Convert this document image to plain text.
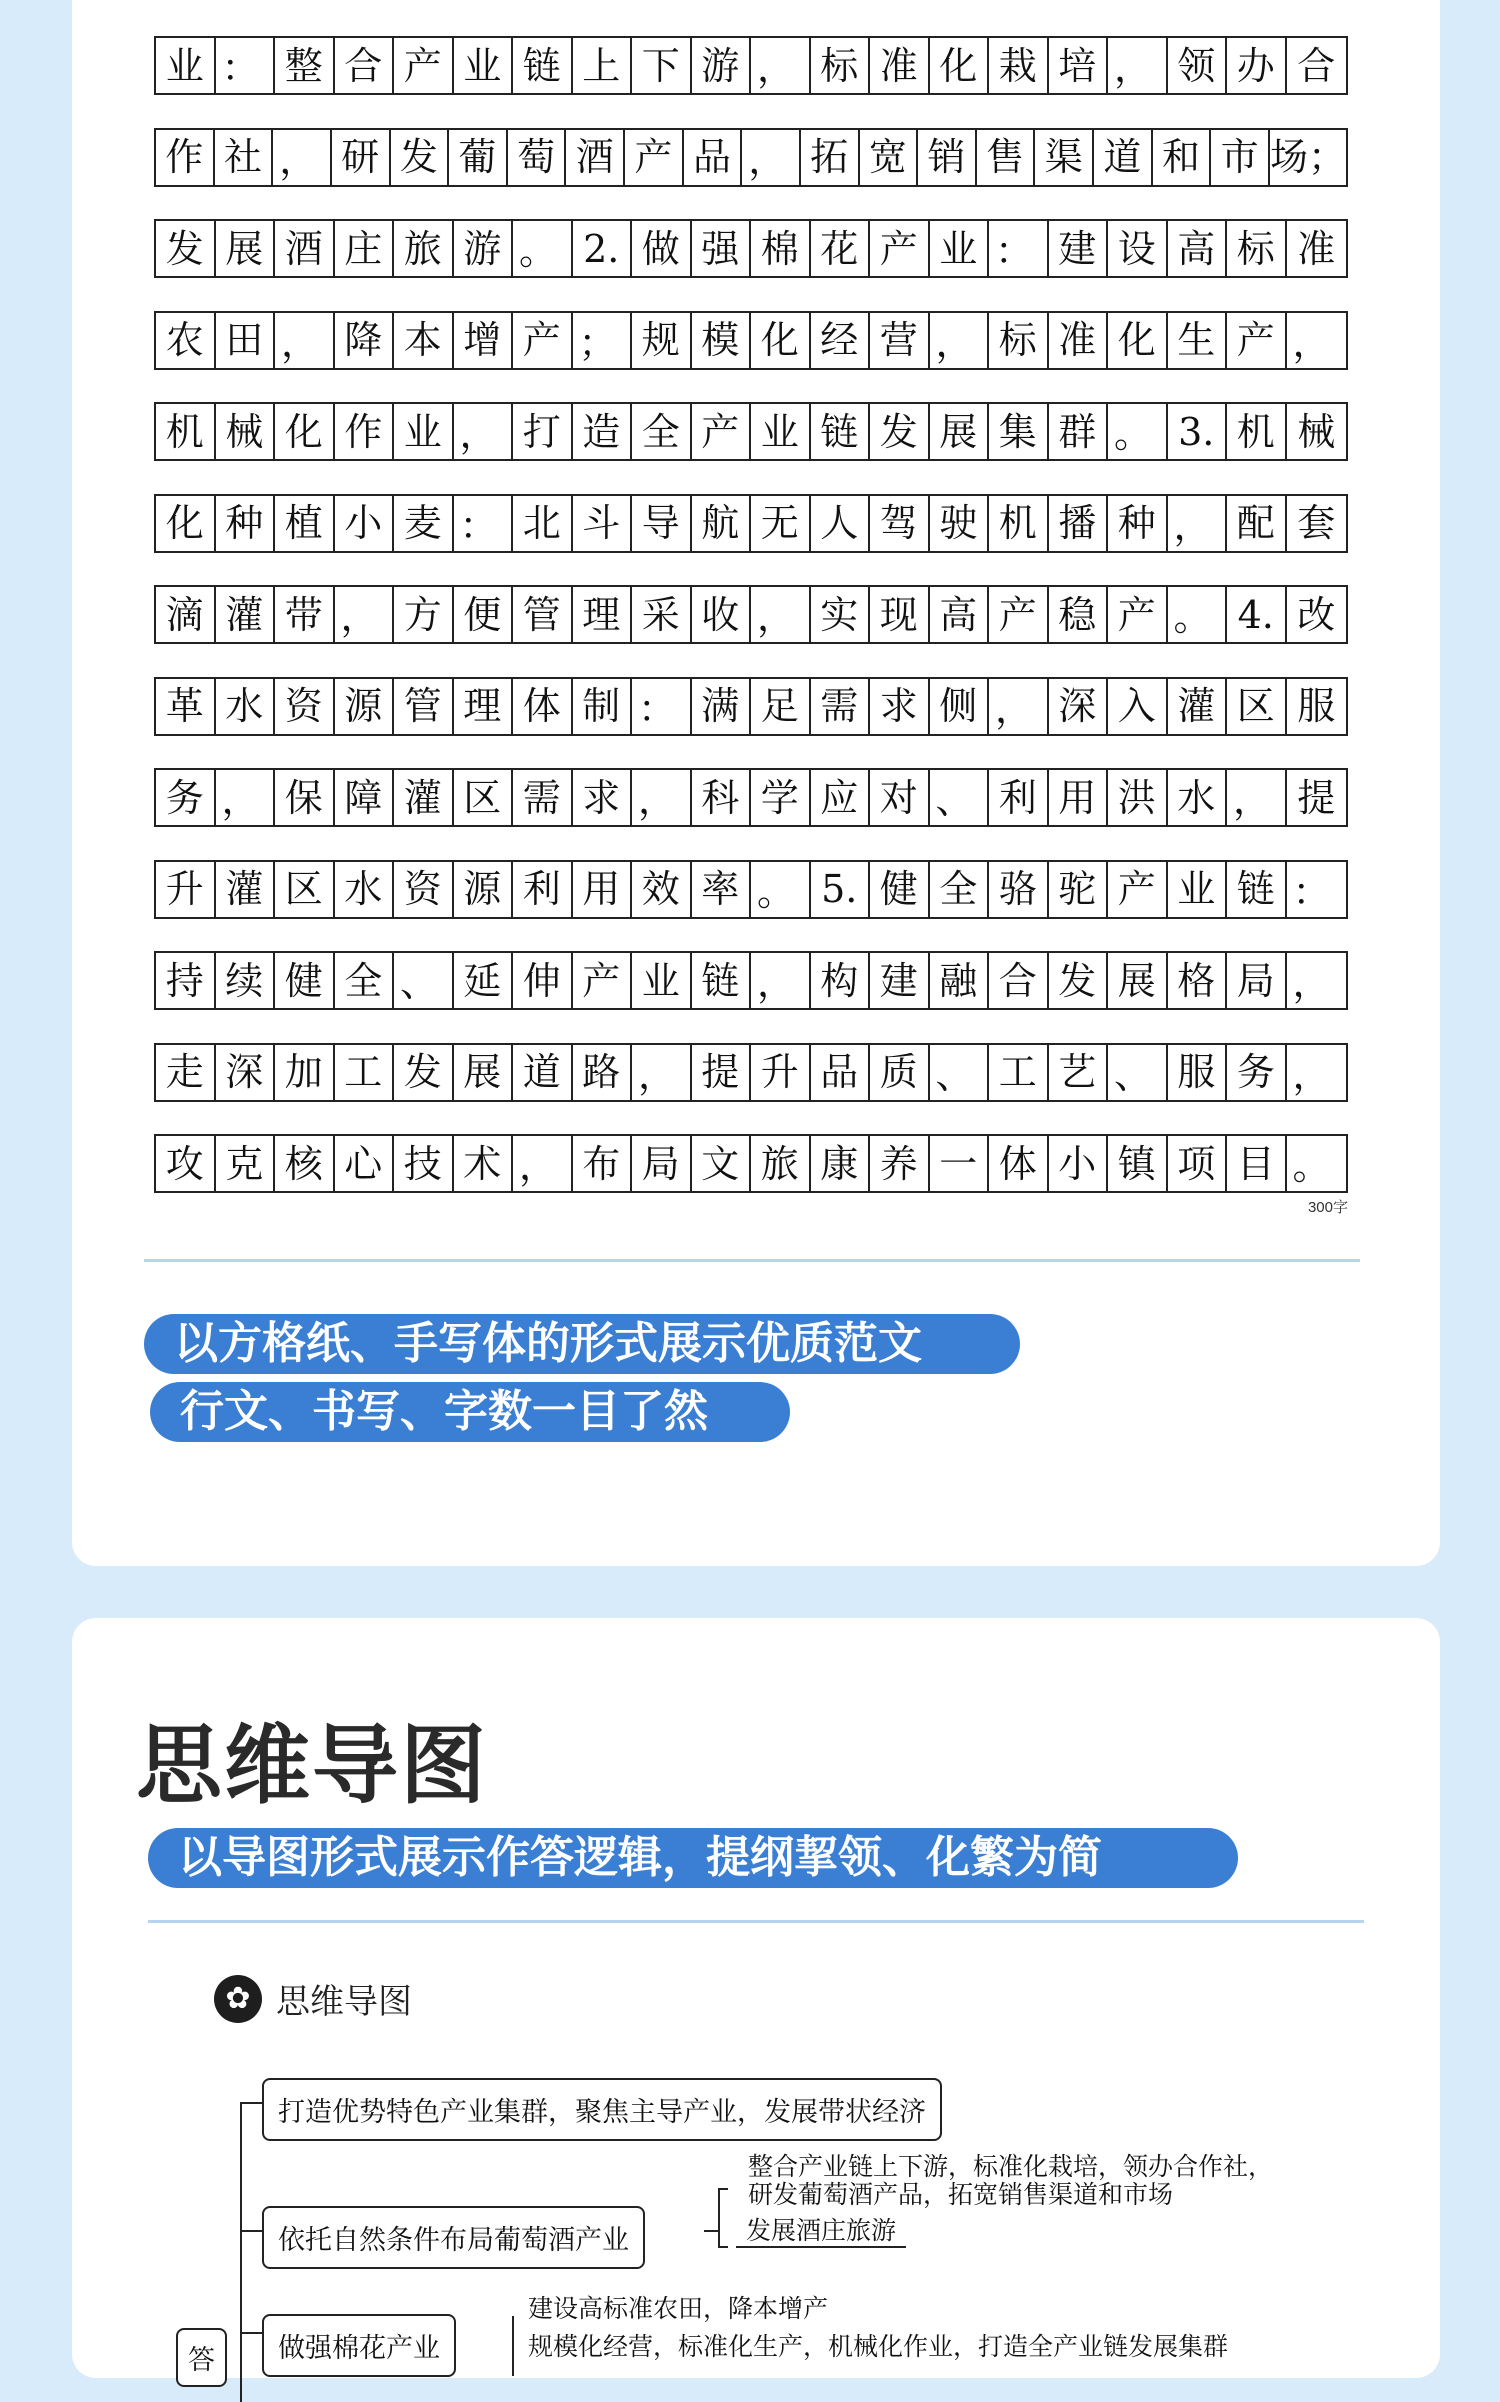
业 ： 整 合 产 业 链 上 下 游 ， 标 准 化 栽 培 ， 领 办 合
作 社 ， 研 发 葡 萄 酒 产 品 ， 拓 宽 销 售 渠 道 和 市 场；
发 展 酒 庄 旅 游 。 2. 做 强 棉 花 产 业 ： 建 设 高 标 准
农 田 ， 降 本 增 产 ； 规 模 化 经 营 ， 标 准 化 生 产 ，
机 械 化 作 业 ， 打 造 全 产 业 链 发 展 集 群 。 3. 机 械
化 种 植 小 麦 ： 北 斗 导 航 无 人 驾 驶 机 播 种 ， 配 套
滴 灌 带 ， 方 便 管 理 采 收 ， 实 现 高 产 稳 产 。 4. 改
革 水 资 源 管 理 体 制 ： 满 足 需 求 侧 ， 深 入 灌 区 服
务 ， 保 障 灌 区 需 求 ， 科 学 应 对 、 利 用 洪 水 ， 提
升 灌 区 水 资 源 利 用 效 率 。 5. 健 全 骆 驼 产 业 链 ：
持 续 健 全 、 延 伸 产 业 链 ， 构 建 融 合 发 展 格 局 ，
走 深 加 工 发 展 道 路 ， 提 升 品 质 、 工 艺 、 服 务 ，
攻 克 核 心 技 术 ， 布 局 文 旅 康 养 一 体 小 镇 项 目 。
300字
以方格纸、手写体的形式展示优质范文
行文、书写、字数一目了然
思维导图
以导图形式展示作答逻辑，提纲挈领、化繁为简
✿ 思维导图
打造优势特色产业集群，聚焦主导产业，发展带状经济
整合产业链上下游，标准化栽培，领办合作社，
研发葡萄酒产品，拓宽销售渠道和市场
依托自然条件布局葡萄酒产业	发展酒庄旅游
建设高标准农田，降本增产
做强棉花产业	规模化经营，标准化生产，机械化作业，打造全产业链发展集群
答
